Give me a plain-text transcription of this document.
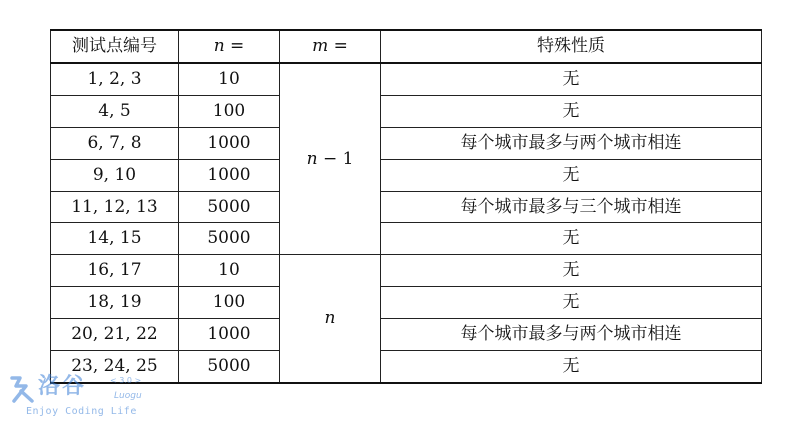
测试点编号	n =	m =	特殊性质
1, 2, 3	10	n − 1	无
4, 5	100		无
6, 7, 8	1000		每个城市最多与两个城市相连
9, 10	1000		无
11, 12, 13	5000		每个城市最多与三个城市相连
14, 15	5000		无
16, 17	10	n	无
18, 19	100		无
20, 21, 22	1000		每个城市最多与两个城市相连
23, 24, 25	5000		无
洛谷	< 3.0 >
Luogu
Enjoy Coding Life
